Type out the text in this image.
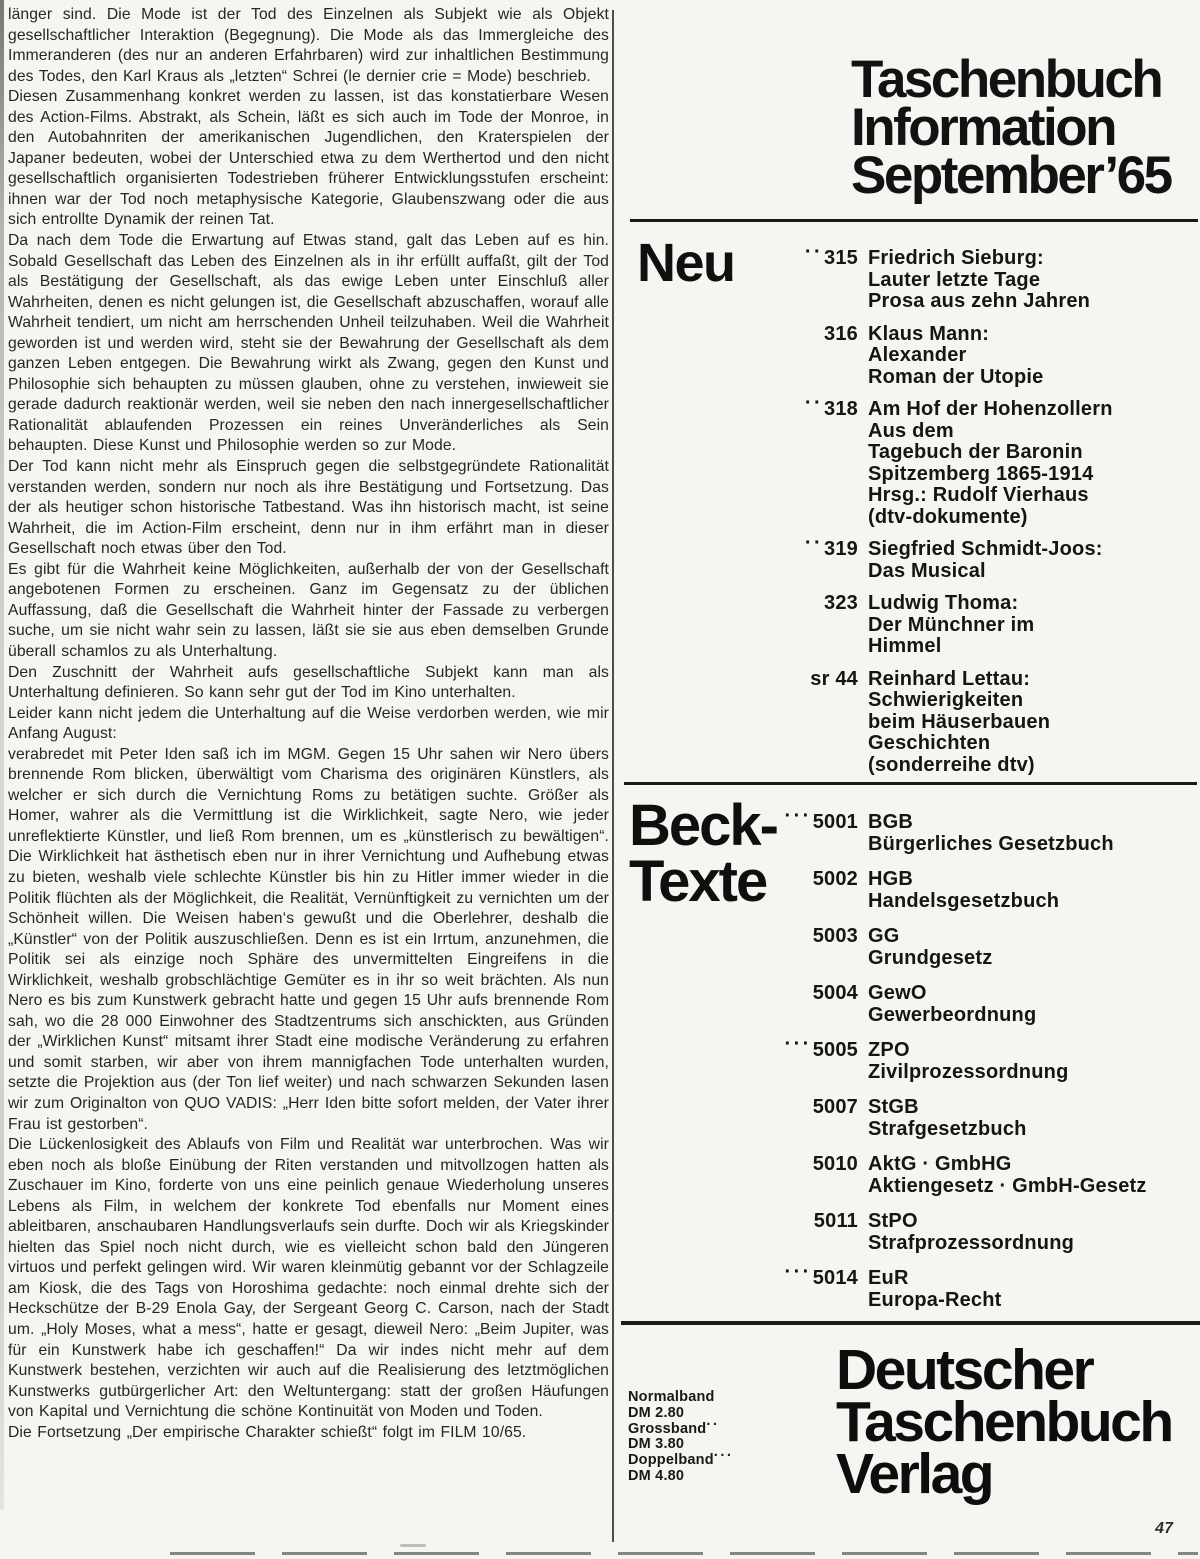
länger sind. Die Mode ist der Tod des Einzelnen als Subjekt wie als Objekt gesellschaftlicher Interaktion (Begegnung). Die Mode als das Immergleiche des Immeranderen (des nur an anderen Erfahrbaren) wird zur inhaltlichen Bestimmung des Todes, den Karl Kraus als „letzten“ Schrei (le dernier crie = Mode) beschrieb.

Diesen Zusammenhang konkret werden zu lassen, ist das konstatierbare Wesen des Action-Films. Abstrakt, als Schein, läßt es sich auch im Tode der Monroe, in den Autobahnriten der amerikanischen Jugendlichen, den Kraterspielen der Japaner bedeuten, wobei der Unterschied etwa zu dem Werthertod und den nicht gesellschaftlich organisierten Todestrieben früherer Entwicklungsstufen erscheint: ihnen war der Tod noch metaphysische Kategorie, Glaubenszwang oder die aus sich entrollte Dynamik der reinen Tat.

Da nach dem Tode die Erwartung auf Etwas stand, galt das Leben auf es hin. Sobald Gesellschaft das Leben des Einzelnen als in ihr erfüllt auffaßt, gilt der Tod als Bestätigung der Gesellschaft, als das ewige Leben unter Einschluß aller Wahrheiten, denen es nicht gelungen ist, die Gesellschaft abzuschaffen, worauf alle Wahrheit tendiert, um nicht am herrschenden Unheil teilzuhaben. Weil die Wahrheit geworden ist und werden wird, steht sie der Bewahrung der Gesellschaft als dem ganzen Leben entgegen. Die Bewahrung wirkt als Zwang, gegen den Kunst und Philosophie sich behaupten zu müssen glauben, ohne zu verstehen, inwieweit sie gerade dadurch reaktionär werden, weil sie neben den nach innergesellschaftlicher Rationalität ablaufenden Prozessen ein reines Unveränderliches als Sein behaupten. Diese Kunst und Philosophie werden so zur Mode.

Der Tod kann nicht mehr als Einspruch gegen die selbstgegründete Rationalität verstanden werden, sondern nur noch als ihre Bestätigung und Fortsetzung. Das der als heutiger schon historische Tatbestand. Was ihn historisch macht, ist seine Wahrheit, die im Action-Film erscheint, denn nur in ihm erfährt man in dieser Gesellschaft noch etwas über den Tod.

Es gibt für die Wahrheit keine Möglichkeiten, außerhalb der von der Gesellschaft angebotenen Formen zu erscheinen. Ganz im Gegensatz zu der üblichen Auffassung, daß die Gesellschaft die Wahrheit hinter der Fassade zu verbergen suche, um sie nicht wahr sein zu lassen, läßt sie sie aus eben demselben Grunde überall schamlos zu als Unterhaltung.

Den Zuschnitt der Wahrheit aufs gesellschaftliche Subjekt kann man als Unterhaltung definieren. So kann sehr gut der Tod im Kino unterhalten.

Leider kann nicht jedem die Unterhaltung auf die Weise verdorben werden, wie mir Anfang August:

verabredet mit Peter Iden saß ich im MGM. Gegen 15 Uhr sahen wir Nero übers brennende Rom blicken, überwältigt vom Charisma des originären Künstlers, als welcher er sich durch die Vernichtung Roms zu betätigen suchte. Größer als Homer, wahrer als die Vermittlung ist die Wirklichkeit, sagte Nero, wie jeder unreflektierte Künstler, und ließ Rom brennen, um es „künstlerisch zu bewältigen“. Die Wirklichkeit hat ästhetisch eben nur in ihrer Vernichtung und Aufhebung etwas zu bieten, weshalb viele schlechte Künstler bis hin zu Hitler immer wieder in die Politik flüchten als der Möglichkeit, die Realität, Vernünftigkeit zu vernichten um der Schönheit willen. Die Weisen haben‘s gewußt und die Oberlehrer, deshalb die „Künstler“ von der Politik auszuschließen. Denn es ist ein Irrtum, anzunehmen, die Politik sei als einzige noch Sphäre des unvermittelten Eingreifens in die Wirklichkeit, weshalb grobschlächtige Gemüter es in ihr so weit brächten. Als nun Nero es bis zum Kunstwerk gebracht hatte und gegen 15 Uhr aufs brennende Rom sah, wo die 28 000 Einwohner des Stadtzentrums sich anschickten, aus Gründen der „Wirklichen Kunst“ mitsamt ihrer Stadt eine modische Veränderung zu erfahren und somit starben, wir aber von ihrem mannigfachen Tode unterhalten wurden, setzte die Projektion aus (der Ton lief weiter) und nach schwarzen Sekunden lasen wir zum Originalton von QUO VADIS: „Herr Iden bitte sofort melden, der Vater ihrer Frau ist gestorben“.

Die Lückenlosigkeit des Ablaufs von Film und Realität war unterbrochen. Was wir eben noch als bloße Einübung der Riten verstanden und mitvollzogen hatten als Zuschauer im Kino, forderte von uns eine peinlich genaue Wiederholung unseres Lebens als Film, in welchem der konkrete Tod ebenfalls nur Moment eines ableitbaren, anschaubaren Handlungsverlaufs sein durfte. Doch wir als Kriegskinder hielten das Spiel noch nicht durch, wie es vielleicht schon bald den Jüngeren virtuos und perfekt gelingen wird. Wir waren kleinmütig gebannt vor der Schlagzeile am Kiosk, die des Tags von Horoshima gedachte: noch einmal drehte sich der Heckschütze der B-29 Enola Gay, der Sergeant Georg C. Carson, nach der Stadt um. „Holy Moses, what a mess“, hatte er gesagt, dieweil Nero: „Beim Jupiter, was für ein Kunstwerk habe ich geschaffen!“ Da wir indes nicht mehr auf dem Kunstwerk bestehen, verzichten wir auch auf die Realisierung des letztmöglichen Kunstwerks gutbürgerlicher Art: den Weltuntergang: statt der großen Häufungen von Kapital und Vernichtung die schöne Kontinuität von Moden und Toden.

Die Fortsetzung „Der empirische Charakter schießt“ folgt im FILM 10/65.

Taschenbuch
Information
September’65
Neu	··315 Friedrich Sieburg:
Lauter letzte Tage
Prosa aus zehn Jahren
316 Klaus Mann:
Alexander
Roman der Utopie
··318 Am Hof der Hohenzollern
Aus dem
Tagebuch der Baronin
Spitzemberg 1865-1914
Hrsg.: Rudolf Vierhaus
(dtv-dokumente)
··319 Siegfried Schmidt-Joos:
Das Musical
323 Ludwig Thoma:
Der Münchner im
Himmel
sr 44 Reinhard Lettau:
Schwierigkeiten
beim Häuserbauen
Geschichten
(sonderreihe dtv)
Beck-
Texte
···5001 BGB
Bürgerliches Gesetzbuch
5002 HGB
Handelsgesetzbuch
5003 GG
Grundgesetz
5004 GewO
Gewerbeordnung
···5005 ZPO
Zivilprozessordnung
5007 StGB
Strafgesetzbuch
5010 AktG · GmbHG
Aktiengesetz · GmbH-Gesetz
5011 StPO
Strafprozessordnung
···5014 EuR
Europa-Recht
Normalband
DM 2.80
Grossband··
DM 3.80
Doppelband···
DM 4.80
Deutscher
Taschenbuch
Verlag
47
